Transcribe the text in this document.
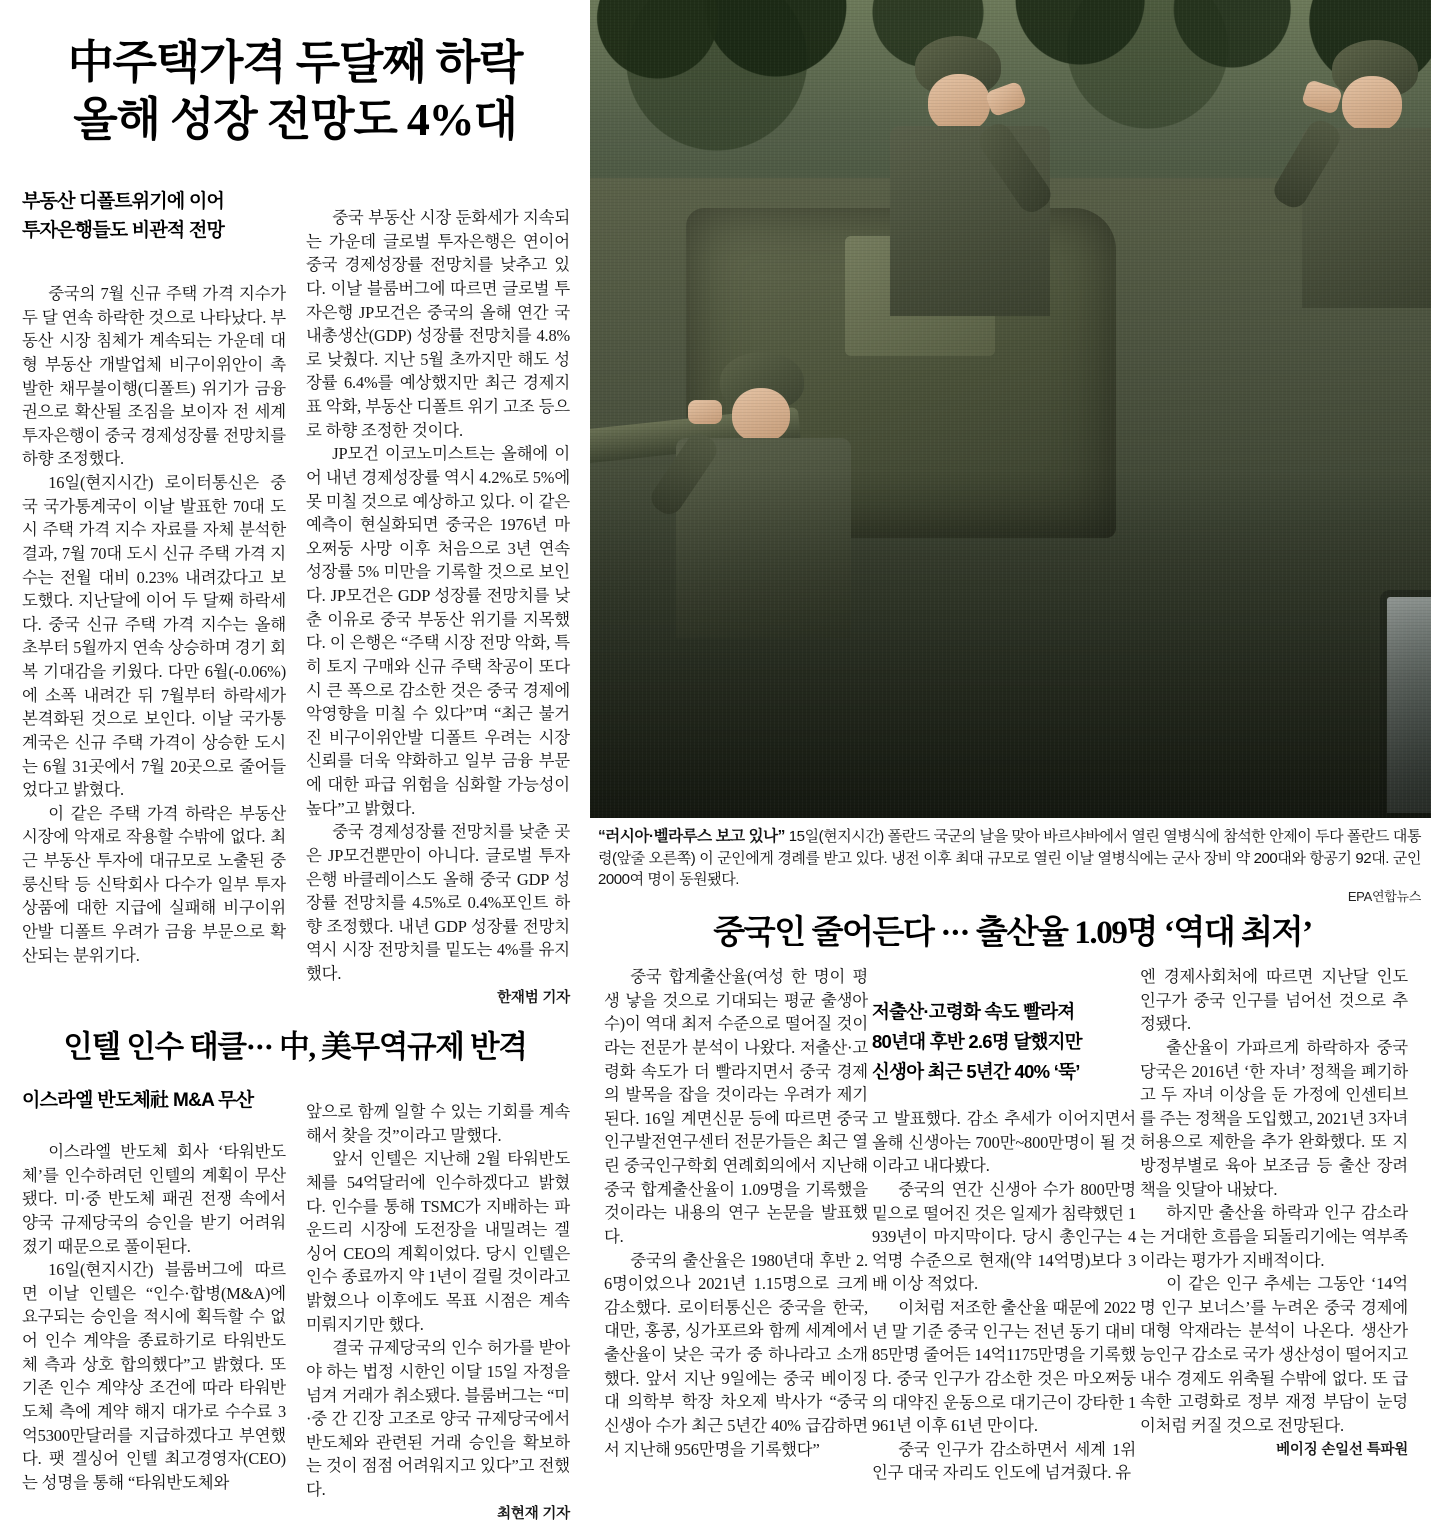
中주택가격 두달째 하락
올해 성장 전망도 4%대
부동산 디폴트위기에 이어
투자은행들도 비관적 전망

중국의 7월 신규 주택 가격 지수가 두 달 연속 하락한 것으로 나타났다. 부동산 시장 침체가 계속되는 가운데 대형 부동산 개발업체 비구이위안이 촉발한 채무불이행(디폴트) 위기가 금융권으로 확산될 조짐을 보이자 전 세계 투자은행이 중국 경제성장률 전망치를 하향 조정했다.

16일(현지시간) 로이터통신은 중국 국가통계국이 이날 발표한 70대 도시 주택 가격 지수 자료를 자체 분석한 결과, 7월 70대 도시 신규 주택 가격 지수는 전월 대비 0.23% 내려갔다고 보도했다. 지난달에 이어 두 달째 하락세다. 중국 신규 주택 가격 지수는 올해 초부터 5월까지 연속 상승하며 경기 회복 기대감을 키웠다. 다만 6월(-0.06%)에 소폭 내려간 뒤 7월부터 하락세가 본격화된 것으로 보인다. 이날 국가통계국은 신규 주택 가격이 상승한 도시는 6월 31곳에서 7월 20곳으로 줄어들었다고 밝혔다.

이 같은 주택 가격 하락은 부동산 시장에 악재로 작용할 수밖에 없다. 최근 부동산 투자에 대규모로 노출된 중룽신탁 등 신탁회사 다수가 일부 투자 상품에 대한 지급에 실패해 비구이위안발 디폴트 우려가 금융 부문으로 확산되는 분위기다.

중국 부동산 시장 둔화세가 지속되는 가운데 글로벌 투자은행은 연이어 중국 경제성장률 전망치를 낮추고 있다. 이날 블룸버그에 따르면 글로벌 투자은행 JP모건은 중국의 올해 연간 국내총생산(GDP) 성장률 전망치를 4.8%로 낮췄다. 지난 5월 초까지만 해도 성장률 6.4%를 예상했지만 최근 경제지표 악화, 부동산 디폴트 위기 고조 등으로 하향 조정한 것이다.

JP모건 이코노미스트는 올해에 이어 내년 경제성장률 역시 4.2%로 5%에 못 미칠 것으로 예상하고 있다. 이 같은 예측이 현실화되면 중국은 1976년 마오쩌둥 사망 이후 처음으로 3년 연속 성장률 5% 미만을 기록할 것으로 보인다. JP모건은 GDP 성장률 전망치를 낮춘 이유로 중국 부동산 위기를 지목했다. 이 은행은 “주택 시장 전망 악화, 특히 토지 구매와 신규 주택 착공이 또다시 큰 폭으로 감소한 것은 중국 경제에 악영향을 미칠 수 있다”며 “최근 불거진 비구이위안발 디폴트 우려는 시장 신뢰를 더욱 약화하고 일부 금융 부문에 대한 파급 위험을 심화할 가능성이 높다”고 밝혔다.

중국 경제성장률 전망치를 낮춘 곳은 JP모건뿐만이 아니다. 글로벌 투자은행 바클레이스도 올해 중국 GDP 성장률 전망치를 4.5%로 0.4%포인트 하향 조정했다. 내년 GDP 성장률 전망치 역시 시장 전망치를 밑도는 4%를 유지했다.

한재범 기자
“러시아·벨라루스 보고 있나” 15일(현지시간) 폴란드 국군의 날을 맞아 바르샤바에서 열린 열병식에 참석한 안제이 두다 폴란드 대통령(앞줄 오른쪽) 이 군인에게 경례를 받고 있다. 냉전 이후 최대 규모로 열린 이날 열병식에는 군사 장비 약 200대와 항공기 92대. 군인 2000여 명이 동원됐다.
EPA연합뉴스
중국인 줄어든다 ··· 출산율 1.09명 ‘역대 최저’
저출산·고령화 속도 빨라져
80년대 후반 2.6명 달했지만
신생아 최근 5년간 40% ‘뚝’

중국 합계출산율(여성 한 명이 평생 낳을 것으로 기대되는 평균 출생아 수)이 역대 최저 수준으로 떨어질 것이라는 전문가 분석이 나왔다. 저출산·고령화 속도가 더 빨라지면서 중국 경제의 발목을 잡을 것이라는 우려가 제기된다. 16일 계면신문 등에 따르면 중국인구발전연구센터 전문가들은 최근 열린 중국인구학회 연례회의에서 지난해 중국 합계출산율이 1.09명을 기록했을 것이라는 내용의 연구 논문을 발표했다.

중국의 출산율은 1980년대 후반 2.6명이었으나 2021년 1.15명으로 크게 감소했다. 로이터통신은 중국을 한국, 대만, 홍콩, 싱가포르와 함께 세계에서 출산율이 낮은 국가 중 하나라고 소개했다. 앞서 지난 9일에는 중국 베이징대 의학부 학장 차오제 박사가 “중국 신생아 수가 최근 5년간 40% 급감하면서 지난해 956만명을 기록했다”

고 발표했다. 감소 추세가 이어지면서 올해 신생아는 700만~800만명이 될 것이라고 내다봤다.

중국의 연간 신생아 수가 800만명 밑으로 떨어진 것은 일제가 침략했던 1939년이 마지막이다. 당시 총인구는 4억명 수준으로 현재(약 14억명)보다 3배 이상 적었다.

이처럼 저조한 출산율 때문에 2022년 말 기준 중국 인구는 전년 동기 대비 85만명 줄어든 14억1175만명을 기록했다. 중국 인구가 감소한 것은 마오쩌둥의 대약진 운동으로 대기근이 강타한 1961년 이후 61년 만이다.

중국 인구가 감소하면서 세계 1위 인구 대국 자리도 인도에 넘겨줬다. 유

엔 경제사회처에 따르면 지난달 인도 인구가 중국 인구를 넘어선 것으로 추정됐다.

출산율이 가파르게 하락하자 중국 당국은 2016년 ‘한 자녀’ 정책을 폐기하고 두 자녀 이상을 둔 가정에 인센티브를 주는 정책을 도입했고, 2021년 3자녀 허용으로 제한을 추가 완화했다. 또 지방정부별로 육아 보조금 등 출산 장려책을 잇달아 내놨다.

하지만 출산율 하락과 인구 감소라는 거대한 흐름을 되돌리기에는 역부족이라는 평가가 지배적이다.

이 같은 인구 추세는 그동안 ‘14억명 인구 보너스’를 누려온 중국 경제에 대형 악재라는 분석이 나온다. 생산가능인구 감소로 국가 생산성이 떨어지고 내수 경제도 위축될 수밖에 없다. 또 급속한 고령화로 정부 재정 부담이 눈덩이처럼 커질 것으로 전망된다.

베이징 손일선 특파원
인텔 인수 태클··· 中, 美무역규제 반격
이스라엘 반도체社 M&A 무산

이스라엘 반도체 회사 ‘타워반도체’를 인수하려던 인텔의 계획이 무산됐다. 미·중 반도체 패권 전쟁 속에서 양국 규제당국의 승인을 받기 어려워졌기 때문으로 풀이된다.

16일(현지시간) 블룸버그에 따르면 이날 인텔은 “인수·합병(M&A)에 요구되는 승인을 적시에 획득할 수 없어 인수 계약을 종료하기로 타워반도체 측과 상호 합의했다”고 밝혔다. 또 기존 인수 계약상 조건에 따라 타워반도체 측에 계약 해지 대가로 수수료 3억5300만달러를 지급하겠다고 부연했다. 팻 겔싱어 인텔 최고경영자(CEO)는 성명을 통해 “타워반도체와

앞으로 함께 일할 수 있는 기회를 계속해서 찾을 것”이라고 말했다.

앞서 인텔은 지난해 2월 타워반도체를 54억달러에 인수하겠다고 밝혔다. 인수를 통해 TSMC가 지배하는 파운드리 시장에 도전장을 내밀려는 겔싱어 CEO의 계획이었다. 당시 인텔은 인수 종료까지 약 1년이 걸릴 것이라고 밝혔으나 이후에도 목표 시점은 계속 미뤄지기만 했다.

결국 규제당국의 인수 허가를 받아야 하는 법정 시한인 이달 15일 자정을 넘겨 거래가 취소됐다. 블룸버그는 “미·중 간 긴장 고조로 양국 규제당국에서 반도체와 관련된 거래 승인을 확보하는 것이 점점 어려워지고 있다”고 전했다.

최현재 기자
